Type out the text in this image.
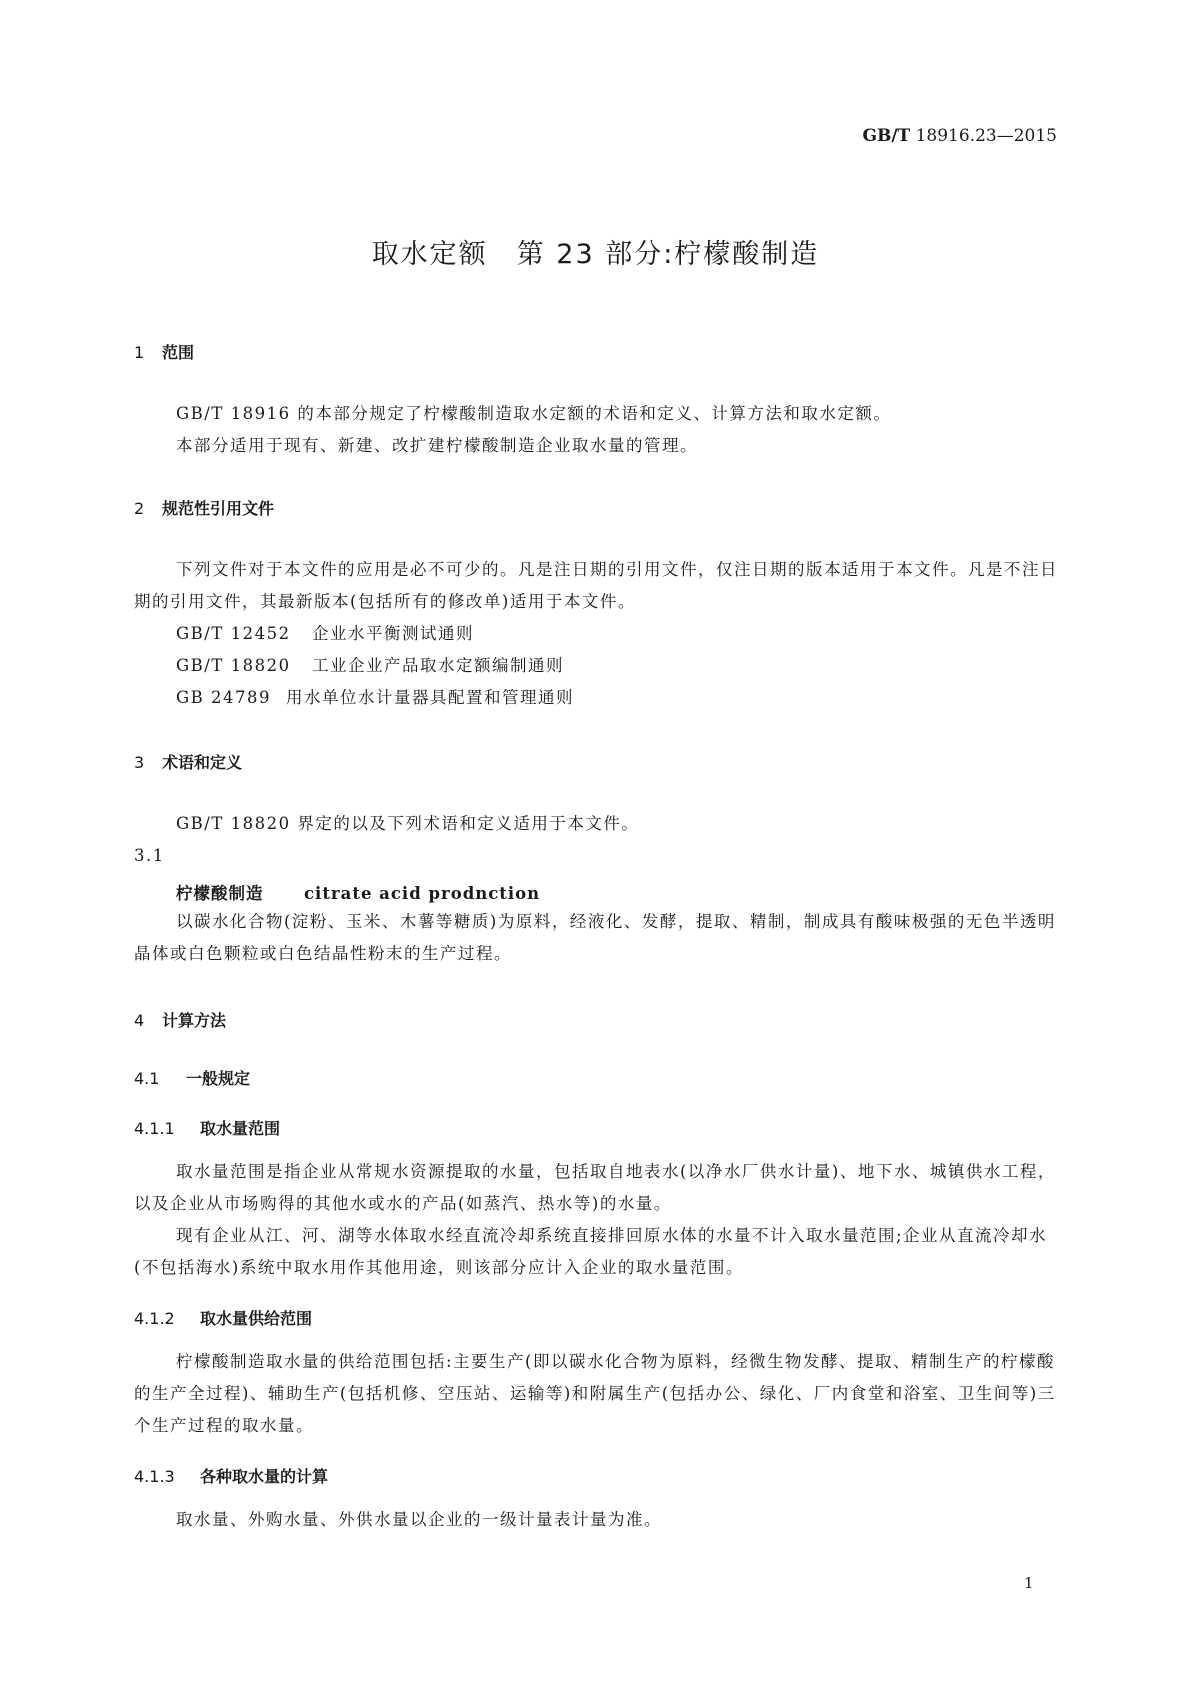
GB/T 18916.23—2015
取水定额　第 23 部分:柠檬酸制造
1 范围
GB/T 18916 的本部分规定了柠檬酸制造取水定额的术语和定义、计算方法和取水定额。
本部分适用于现有、新建、改扩建柠檬酸制造企业取水量的管理。
2 规范性引用文件
下列文件对于本文件的应用是必不可少的。凡是注日期的引用文件，仅注日期的版本适用于本文件。凡是不注日期的引用文件，其最新版本(包括所有的修改单)适用于本文件。
GB/T 12452 企业水平衡测试通则
GB/T 18820 工业企业产品取水定额编制通则
GB 24789 用水单位水计量器具配置和管理通则
3 术语和定义
GB/T 18820 界定的以及下列术语和定义适用于本文件。
3.1
柠檬酸制造 citrate acid prodnction
以碳水化合物(淀粉、玉米、木薯等糖质)为原料，经液化、发酵，提取、精制，制成具有酸味极强的无色半透明晶体或白色颗粒或白色结晶性粉末的生产过程。
4 计算方法
4.1 一般规定
4.1.1 取水量范围
取水量范围是指企业从常规水资源提取的水量，包括取自地表水(以净水厂供水计量)、地下水、城镇供水工程，以及企业从市场购得的其他水或水的产品(如蒸汽、热水等)的水量。
现有企业从江、河、湖等水体取水经直流冷却系统直接排回原水体的水量不计入取水量范围;企业从直流冷却水(不包括海水)系统中取水用作其他用途，则该部分应计入企业的取水量范围。
4.1.2 取水量供给范围
柠檬酸制造取水量的供给范围包括:主要生产(即以碳水化合物为原料，经微生物发酵、提取、精制生产的柠檬酸的生产全过程)、辅助生产(包括机修、空压站、运输等)和附属生产(包括办公、绿化、厂内食堂和浴室、卫生间等)三个生产过程的取水量。
4.1.3 各种取水量的计算
取水量、外购水量、外供水量以企业的一级计量表计量为准。
1
